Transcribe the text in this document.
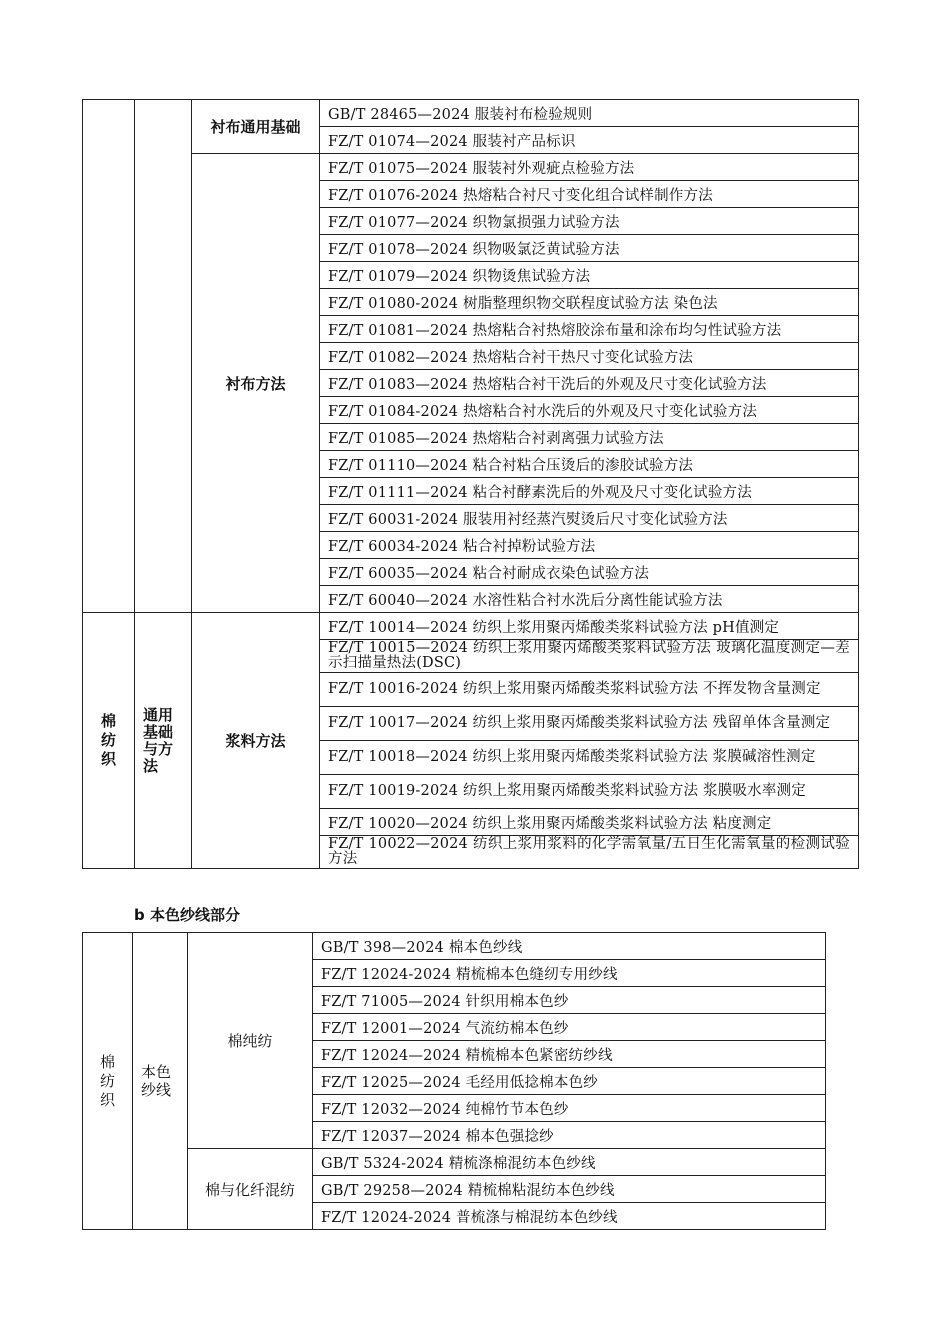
		衬布通用基础	GB/T 28465—2024 服装衬布检验规则
			FZ/T 01074—2024 服装衬产品标识
		衬布方法	FZ/T 01075—2024 服装衬外观疵点检验方法
			FZ/T 01076-2024 热熔粘合衬尺寸变化组合试样制作方法
			FZ/T 01077—2024 织物氯损强力试验方法
			FZ/T 01078—2024 织物吸氯泛黄试验方法
			FZ/T 01079—2024 织物烫焦试验方法
			FZ/T 01080-2024 树脂整理织物交联程度试验方法 染色法
			FZ/T 01081—2024 热熔粘合衬热熔胶涂布量和涂布均匀性试验方法
			FZ/T 01082—2024 热熔粘合衬干热尺寸变化试验方法
			FZ/T 01083—2024 热熔粘合衬干洗后的外观及尺寸变化试验方法
			FZ/T 01084-2024 热熔粘合衬水洗后的外观及尺寸变化试验方法
			FZ/T 01085—2024 热熔粘合衬剥离强力试验方法
			FZ/T 01110—2024 粘合衬粘合压烫后的渗胶试验方法
			FZ/T 01111—2024 粘合衬酵素洗后的外观及尺寸变化试验方法
			FZ/T 60031-2024 服装用衬经蒸汽熨烫后尺寸变化试验方法
			FZ/T 60034-2024 粘合衬掉粉试验方法
			FZ/T 60035—2024 粘合衬耐成衣染色试验方法
			FZ/T 60040—2024 水溶性粘合衬水洗后分离性能试验方法

棉纺织	通用基础与方法	浆料方法	FZ/T 10014—2024 纺织上浆用聚丙烯酸类浆料试验方法 pH值测定
			FZ/T 10015—2024 纺织上浆用聚丙烯酸类浆料试验方法 玻璃化温度测定—差示扫描量热法(DSC)
			FZ/T 10016-2024 纺织上浆用聚丙烯酸类浆料试验方法 不挥发物含量测定
			FZ/T 10017—2024 纺织上浆用聚丙烯酸类浆料试验方法 残留单体含量测定
			FZ/T 10018—2024 纺织上浆用聚丙烯酸类浆料试验方法 浆膜碱溶性测定
			FZ/T 10019-2024 纺织上浆用聚丙烯酸类浆料试验方法 浆膜吸水率测定
			FZ/T 10020—2024 纺织上浆用聚丙烯酸类浆料试验方法 粘度测定
			FZ/T 10022—2024 纺织上浆用浆料的化学需氧量/五日生化需氧量的检测试验方法
b 本色纱线部分
棉纺织	本色纱线	棉纯纺	GB/T 398—2024 棉本色纱线
			FZ/T 12024-2024 精梳棉本色缝纫专用纱线
			FZ/T 71005—2024 针织用棉本色纱
			FZ/T 12001—2024 气流纺棉本色纱
			FZ/T 12024—2024 精梳棉本色紧密纺纱线
			FZ/T 12025—2024 毛经用低捻棉本色纱
			FZ/T 12032—2024 纯棉竹节本色纱
			FZ/T 12037—2024 棉本色强捻纱
		棉与化纤混纺	GB/T 5324-2024 精梳涤棉混纺本色纱线
			GB/T 29258—2024 精梳棉粘混纺本色纱线
			FZ/T 12024-2024 普梳涤与棉混纺本色纱线
